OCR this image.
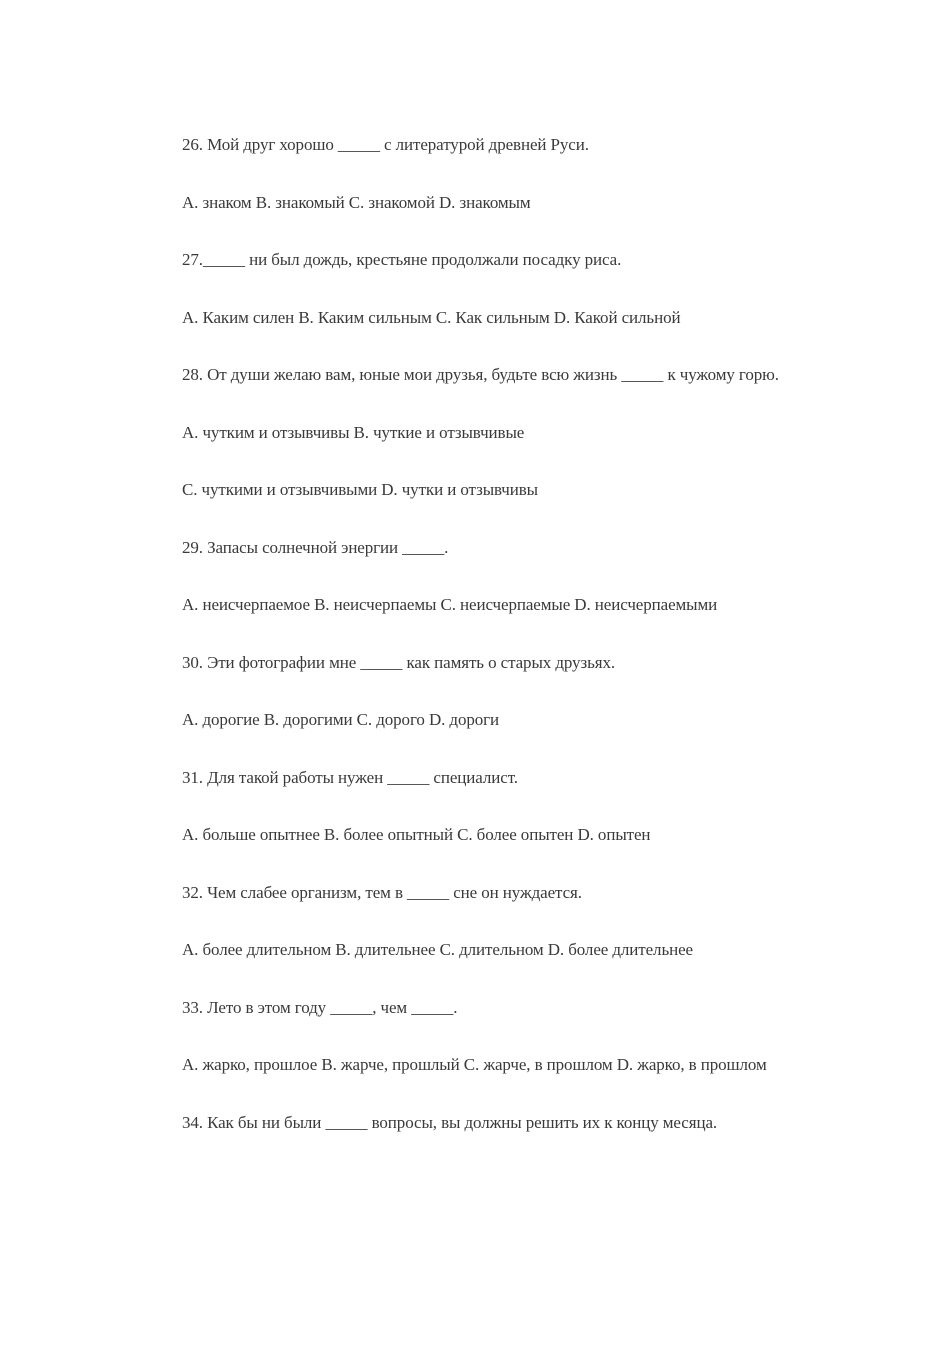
26. Мой друг хорошо _____ с литературой древней Руси.

A. знаком B. знакомый C. знакомой D. знакомым

27._____ ни был дождь, крестьяне продолжали посадку риса.

A. Каким силен B. Каким сильным C. Как сильным D. Какой сильной

28. От души желаю вам, юные мои друзья, будьте всю жизнь _____ к чужому горю.

A. чутким и отзывчивы B. чуткие и отзывчивые

C. чуткими и отзывчивыми D. чутки и отзывчивы

29. Запасы солнечной энергии _____.

A. неисчерпаемое B. неисчерпаемы C. неисчерпаемые D. неисчерпаемыми

30. Эти фотографии мне _____ как память о старых друзьях.

A. дорогие B. дорогими C. дорого D. дороги

31. Для такой работы нужен _____ специалист.

A. больше опытнее B. более опытный C. более опытен D. опытен

32. Чем слабее организм, тем в _____ сне он нуждается.

A. более длительном B. длительнее C. длительном D. более длительнее

33. Лето в этом году _____, чем _____.

A. жарко, прошлое B. жарче, прошлый C. жарче, в прошлом D. жарко, в прошлом

34. Как бы ни были _____ вопросы, вы должны решить их к концу месяца.
